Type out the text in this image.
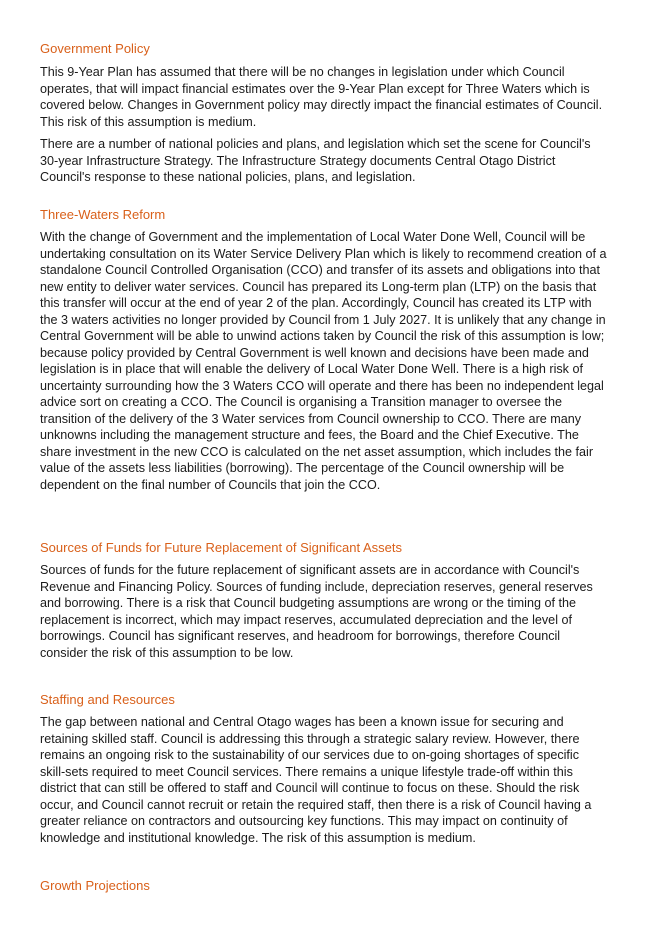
Government Policy

This 9-Year Plan has assumed that there will be no changes in legislation under which Council operates, that will impact financial estimates over the 9-Year Plan except for Three Waters which is covered below. Changes in Government policy may directly impact the financial estimates of Council. This risk of this assumption is medium.

There are a number of national policies and plans, and legislation which set the scene for Council's 30-year Infrastructure Strategy. The Infrastructure Strategy documents Central Otago District Council's response to these national policies, plans, and legislation.

Three-Waters Reform

With the change of Government and the implementation of Local Water Done Well, Council will be undertaking consultation on its Water Service Delivery Plan which is likely to recommend creation of a standalone Council Controlled Organisation (CCO) and transfer of its assets and obligations into that new entity to deliver water services. Council has prepared its Long-term plan (LTP) on the basis that this transfer will occur at the end of year 2 of the plan. Accordingly, Council has created its LTP with the 3 waters activities no longer provided by Council from 1 July 2027. It is unlikely that any change in Central Government will be able to unwind actions taken by Council the risk of this assumption is low; because policy provided by Central Government is well known and decisions have been made and legislation is in place that will enable the delivery of Local Water Done Well. There is a high risk of uncertainty surrounding how the 3 Waters CCO will operate and there has been no independent legal advice sort on creating a CCO. The Council is organising a Transition manager to oversee the transition of the delivery of the 3 Water services from Council ownership to CCO. There are many unknowns including the management structure and fees, the Board and the Chief Executive. The share investment in the new CCO is calculated on the net asset assumption, which includes the fair value of the assets less liabilities (borrowing). The percentage of the Council ownership will be dependent on the final number of Councils that join the CCO.

Sources of Funds for Future Replacement of Significant Assets

Sources of funds for the future replacement of significant assets are in accordance with Council's Revenue and Financing Policy. Sources of funding include, depreciation reserves, general reserves and borrowing. There is a risk that Council budgeting assumptions are wrong or the timing of the replacement is incorrect, which may impact reserves, accumulated depreciation and the level of borrowings. Council has significant reserves, and headroom for borrowings, therefore Council consider the risk of this assumption to be low.

Staffing and Resources

The gap between national and Central Otago wages has been a known issue for securing and retaining skilled staff. Council is addressing this through a strategic salary review. However, there remains an ongoing risk to the sustainability of our services due to on-going shortages of specific skill-sets required to meet Council services. There remains a unique lifestyle trade-off within this district that can still be offered to staff and Council will continue to focus on these. Should the risk occur, and Council cannot recruit or retain the required staff, then there is a risk of Council having a greater reliance on contractors and outsourcing key functions. This may impact on continuity of knowledge and institutional knowledge. The risk of this assumption is medium.

Growth Projections
